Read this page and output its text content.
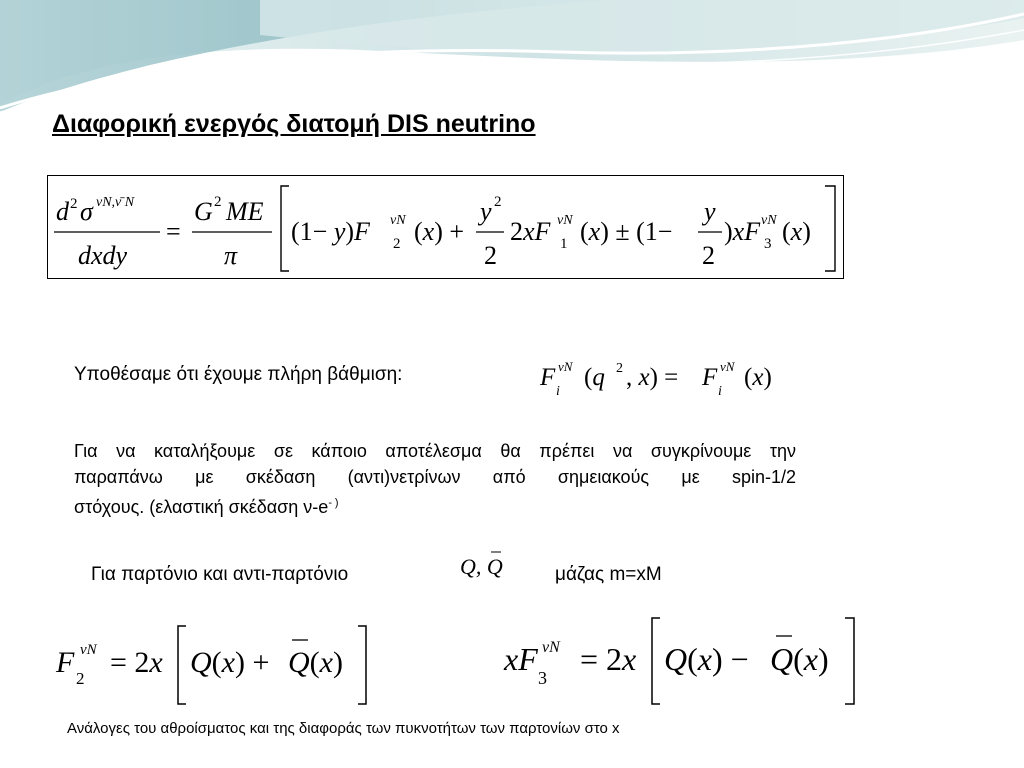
Διαφορική ενεργός διατομή DIS neutrino
d 2 σ νN,ν̄ N
dxdy
=
G 2 ME
π
(1− y)F 2
νN (x) +
y 2
2
2xF 1
νN (x) ± (1−
y
2
)xF 3
νN (x)
Υποθέσαμε ότι έχουμε πλήρη βάθμιση:	F
i
νN (q 2 , x) = F
i
νN (x)
Για να καταλήξουμε σε κάποιο αποτέλεσμα θα πρέπει να συγκρίνουμε την
παραπάνω με σκέδαση (αντι)νετρίνων από σημειακούς με spin-1/2
στόχους. (ελαστική σκέδαση ν-e- )
Για παρτόνιο και αντι-παρτόνιο	Q, Q	μάζας m=xM
F 2
νN = 2x Q(x) + Q(x)	xF
3
νN = 2x Q(x) − Q(x)
Ανάλογες του αθροίσματος και της διαφοράς των πυκνοτήτων των παρτονίων στο x
